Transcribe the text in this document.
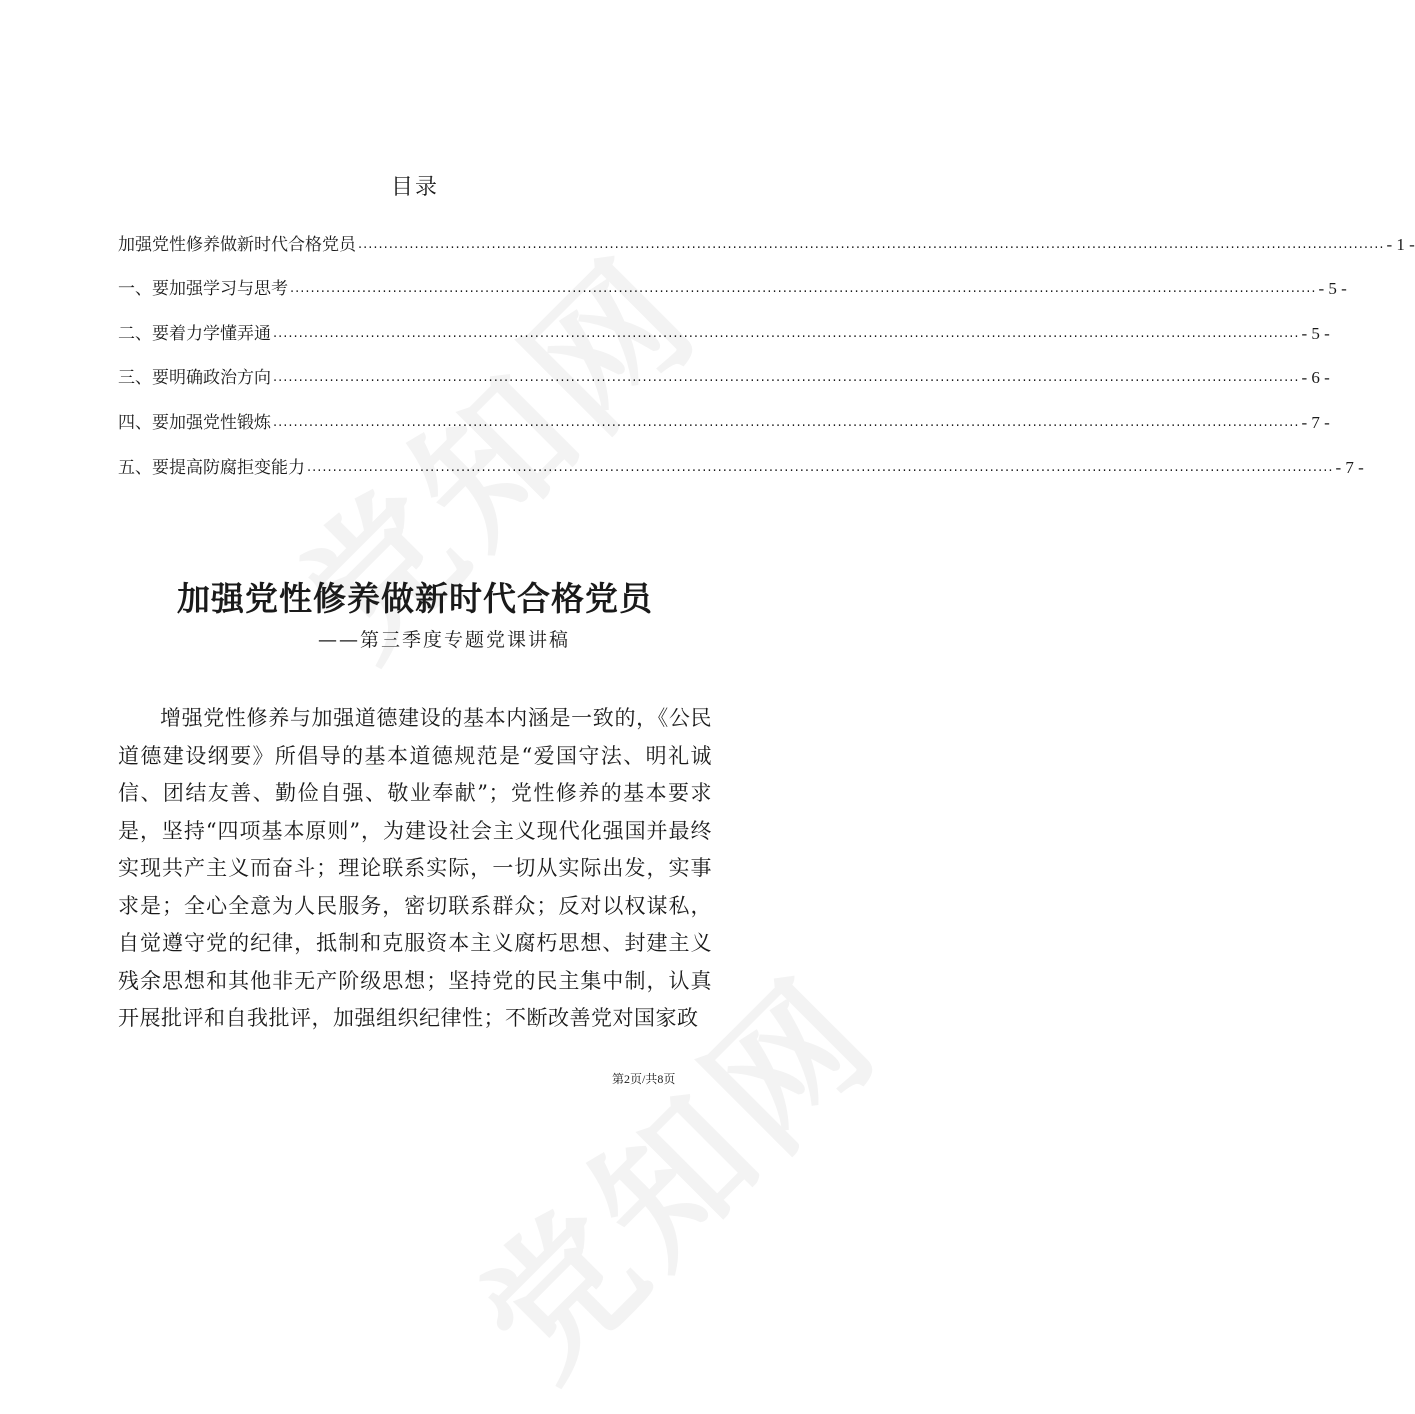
目录
加强党性修养做新时代合格党员 ........................................................................................................................................................................................................ - 1 -
一、要加强学习与思考 ........................................................................................................................................................................................................ - 5 -
二、要着力学懂弄通 ........................................................................................................................................................................................................ - 5 -
三、要明确政治方向 ........................................................................................................................................................................................................ - 6 -
四、要加强党性锻炼 ........................................................................................................................................................................................................ - 7 -
五、要提高防腐拒变能力 ........................................................................................................................................................................................................ - 7 -
加强党性修养做新时代合格党员
——第三季度专题党课讲稿

增强党性修养与加强道德建设的基本内涵是一致的，《公民道德建设纲要》所倡导的基本道德规范是“爱国守法、明礼诚信、团结友善、勤俭自强、敬业奉献”；党性修养的基本要求是，坚持“四项基本原则”，为建设社会主义现代化强国并最终实现共产主义而奋斗；理论联系实际，一切从实际出发，实事求是；全心全意为人民服务，密切联系群众；反对以权谋私，自觉遵守党的纪律，抵制和克服资本主义腐朽思想、封建主义残余思想和其他非无产阶级思想；坚持党的民主集中制，认真开展批评和自我批评，加强组织纪律性；不断改善党对国家政

第2页/共8页
